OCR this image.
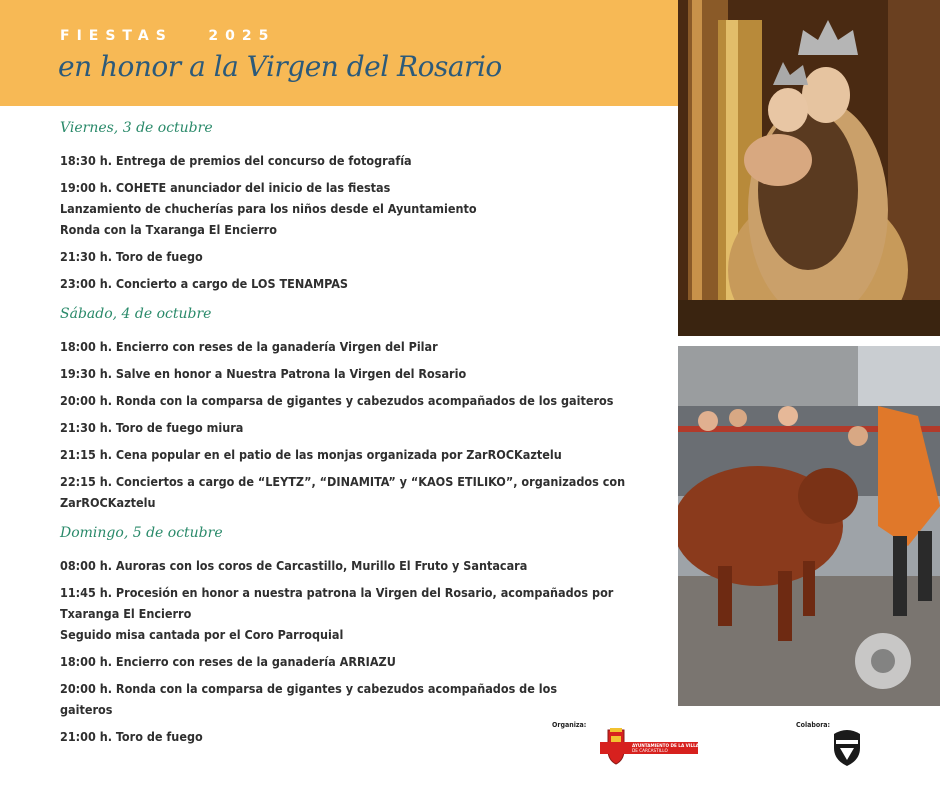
FIESTAS   2025
en honor a la Virgen del Rosario
Viernes, 3 de octubre
18:30 h. Entrega de premios del concurso de fotografía
19:00 h. COHETE anunciador del inicio de las fiestas
Lanzamiento de chucherías para los niños desde el Ayuntamiento
Ronda con la Txaranga El Encierro
21:30 h. Toro de fuego
23:00 h. Concierto a cargo de LOS TENAMPAS
Sábado, 4 de octubre
18:00 h. Encierro con reses de la ganadería Virgen del Pilar
19:30 h. Salve en honor a Nuestra Patrona la Virgen del Rosario
20:00 h. Ronda con la comparsa de gigantes y cabezudos acompañados de los gaiteros
21:30 h. Toro de fuego miura
21:15 h. Cena popular en el patio de las monjas organizada por ZarROCKaztelu
22:15 h. Conciertos a cargo de “LEYTZ”, “DINAMITA” y “KAOS ETILIKO”, organizados con
ZarROCKaztelu
Domingo, 5 de octubre
08:00 h. Auroras con los coros de Carcastillo, Murillo El Fruto y Santacara
11:45 h. Procesión en honor a nuestra patrona la Virgen del Rosario, acompañados por
Txaranga El Encierro
Seguido misa cantada por el Coro Parroquial
18:00 h. Encierro con reses de la ganadería ARRIAZU
20:00 h. Ronda con la comparsa de gigantes y cabezudos acompañados de los
gaiteros
21:00 h. Toro de fuego
Organiza:
AYUNTAMIENTO DE LA VILLA
DE CARCASTILLO
Colabora:
